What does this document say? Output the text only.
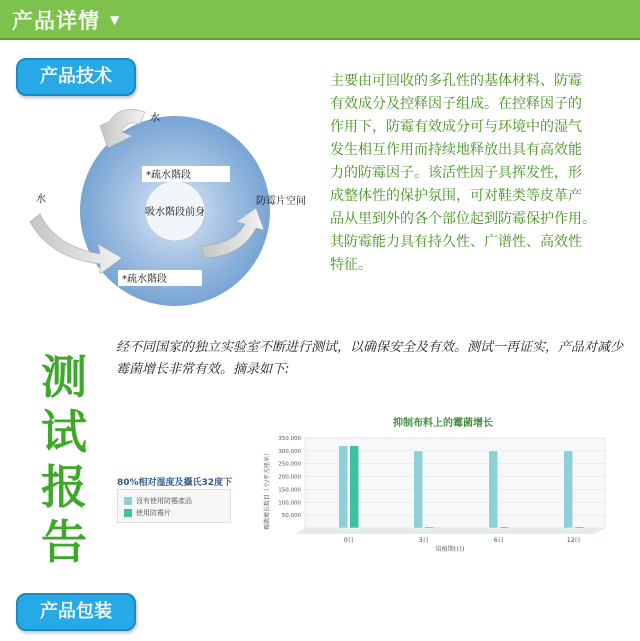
产品详情 ▼
产品技术
水
水
*疏水階段
*疏水階段
吸水階段前身
防霉片空间

主要由可回收的多孔性的基体材料、防霉

有效成分及控释因子组成。在控释因子的

作用下，防霉有效成分可与环境中的湿气

发生相互作用而持续地释放出具有高效能

力的防霉因子。该活性因子具挥发性，形

成整体性的保护氛围，可对鞋类等皮革产

品从里到外的各个部位起到防霉保护作用。

其防霉能力具有持久性、广谱性、高效性

特征。

测
试
报
告
经不同国家的独立实验室不断进行测试，以确保安全及有效。测试一再证实，产品对减少霉菌增长非常有效。摘录如下:
80%相对湿度及攝氏32度下
沒有使用防霉產品
使用防霉片
抑制布料上的霉菌增长
350,000
300,000
250,000
200,000
150,000
100,000
50,000
0日	3日	6日	12日
霉菌增长数目（个/平方厘米）
培植期(日)
产品包装
